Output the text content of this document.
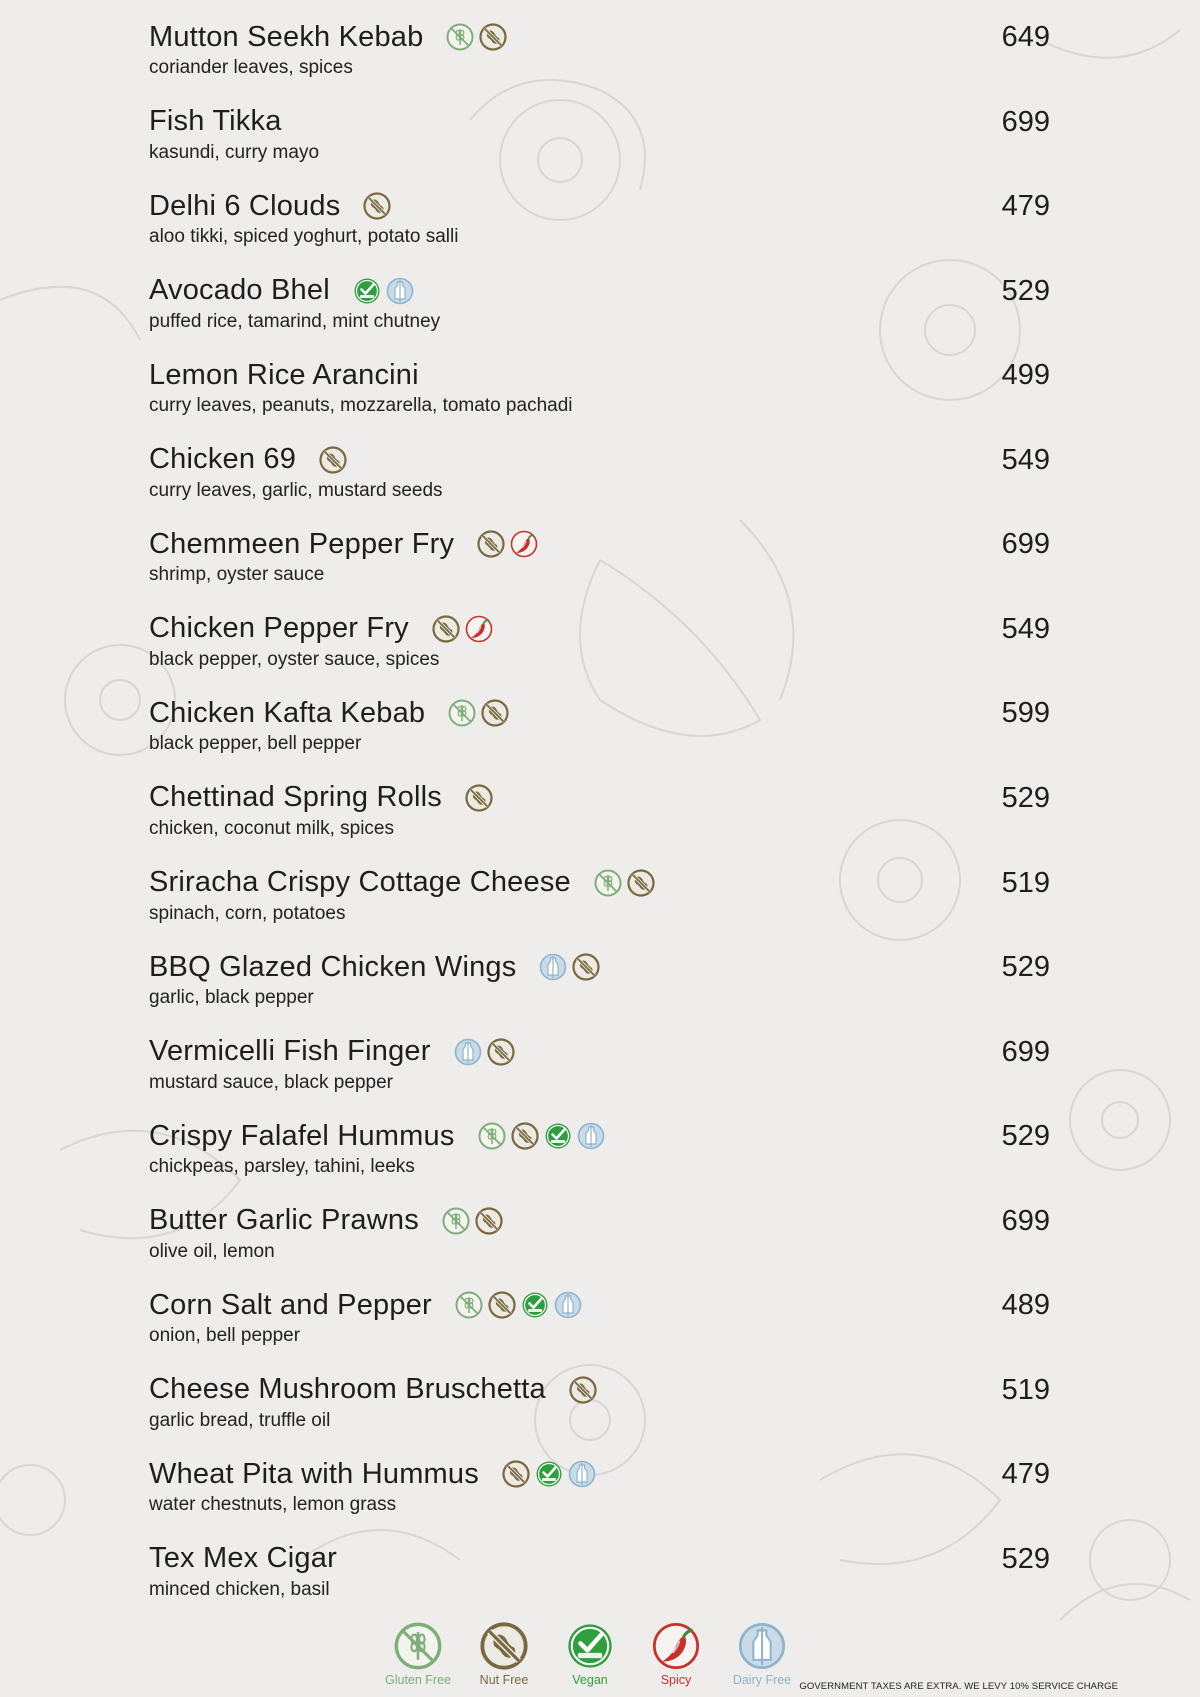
Mutton Seekh Kebab
coriander leaves, spices
649
Fish Tikka
kasundi, curry mayo
699
Delhi 6 Clouds
aloo tikki, spiced yoghurt, potato salli
479
Avocado Bhel
puffed rice, tamarind, mint chutney
529
Lemon Rice Arancini
curry leaves, peanuts, mozzarella, tomato pachadi
499
Chicken 69
curry leaves, garlic, mustard seeds
549
Chemmeen Pepper Fry
shrimp, oyster sauce
699
Chicken Pepper Fry
black pepper, oyster sauce, spices
549
Chicken Kafta Kebab
black pepper, bell pepper
599
Chettinad Spring Rolls
chicken, coconut milk, spices
529
Sriracha Crispy Cottage Cheese
spinach, corn, potatoes
519
BBQ Glazed Chicken Wings
garlic, black pepper
529
Vermicelli Fish Finger
mustard sauce, black pepper
699
Crispy Falafel Hummus
chickpeas, parsley, tahini, leeks
529
Butter Garlic Prawns
olive oil, lemon
699
Corn Salt and Pepper
onion, bell pepper
489
Cheese Mushroom Bruschetta
garlic bread, truffle oil
519
Wheat Pita with Hummus
water chestnuts, lemon grass
479
Tex Mex Cigar
minced chicken, basil
529
Gluten Free Nut Free	Vegan	Spicy	Dairy Free GOVERNMENT TAXES ARE EXTRA. WE LEVY 10% SERVICE CHARGE
